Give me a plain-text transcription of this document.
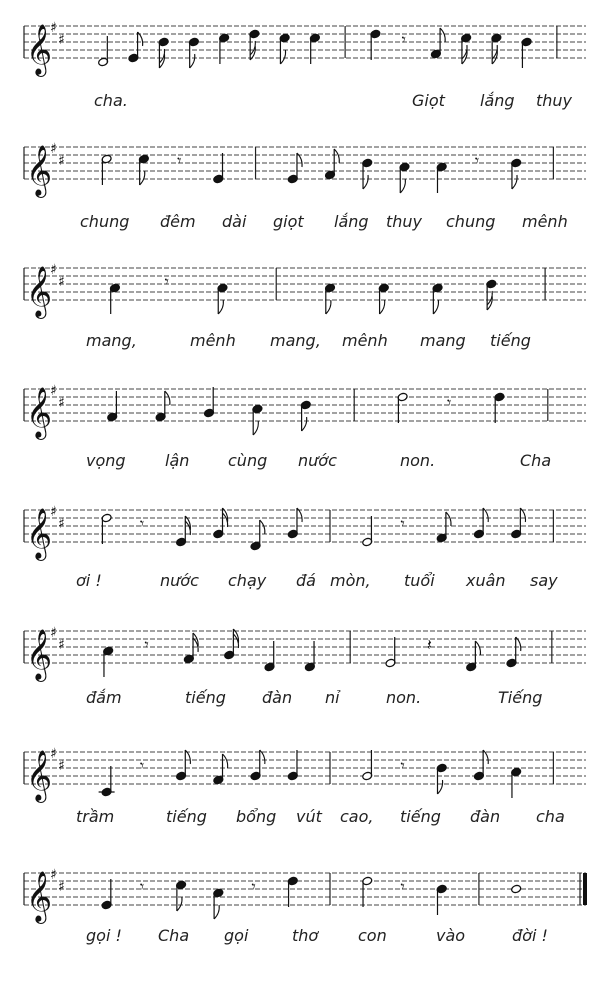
𝄞
♯
♯	𝄾
cha.	Giọt lắng thuy
𝄞
♯
♯	𝄾	𝄾
chung đêm dài giọt lắng thuy chung mênh
𝄞
♯
♯	𝄾
mang,	mênh mang, mênh mang tiếng
𝄞
♯
♯	𝄾
vọng lận cùng nước	non.	Cha
𝄞
♯
♯	𝄾	𝄾
ơi !	nước chạy đá mòn, tuổi xuân say
𝄞
♯
♯	𝄾	𝄽
đắm	tiếng đàn nỉ	non.	Tiếng
𝄞
♯
♯	𝄾	𝄾
trầm	tiếng bổng vút cao, tiếng đàn cha
𝄞
♯
♯	𝄾	𝄾	𝄾
gọi ! Cha gọi	thơ con	vào	đời !
